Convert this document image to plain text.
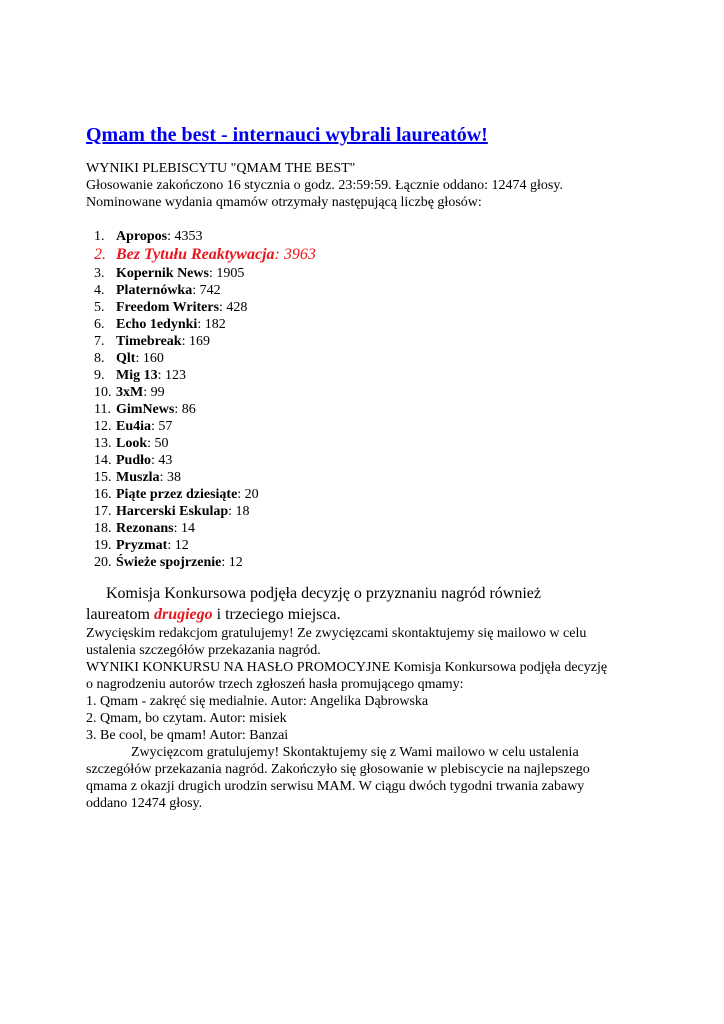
Qmam the best - internauci wybrali laureatów!
WYNIKI PLEBISCYTU "QMAM THE BEST"
Głosowanie zakończono 16 stycznia o godz. 23:59:59. Łącznie oddano: 12474 głosy.
Nominowane wydania qmamów otrzymały następującą liczbę głosów:
1. Apropos: 4353
2. Bez Tytułu Reaktywacja: 3963
3. Kopernik News: 1905
4. Platernówka: 742
5. Freedom Writers: 428
6. Echo 1edynki: 182
7. Timebreak: 169
8. Qlt: 160
9. Mig 13: 123
10. 3xM: 99
11. GimNews: 86
12. Eu4ia: 57
13. Look: 50
14. Pudło: 43
15. Muszla: 38
16. Piąte przez dziesiąte: 20
17. Harcerski Eskulap: 18
18. Rezonans: 14
19. Pryzmat: 12
20. Świeże spojrzenie: 12
Komisja Konkursowa podjęła decyzję o przyznaniu nagród również
laureatom drugiego i trzeciego miejsca.
Zwycięskim redakcjom gratulujemy! Ze zwycięzcami skontaktujemy się mailowo w celu
ustalenia szczegółów przekazania nagród.
WYNIKI KONKURSU NA HASŁO PROMOCYJNE Komisja Konkursowa podjęła decyzję
o nagrodzeniu autorów trzech zgłoszeń hasła promującego qmamy:
1. Qmam - zakręć się medialnie. Autor: Angelika Dąbrowska
2. Qmam, bo czytam. Autor: misiek
3. Be cool, be qmam! Autor: Banzai
Zwycięzcom gratulujemy! Skontaktujemy się z Wami mailowo w celu ustalenia
szczegółów przekazania nagród. Zakończyło się głosowanie w plebiscycie na najlepszego
qmama z okazji drugich urodzin serwisu MAM. W ciągu dwóch tygodni trwania zabawy
oddano 12474 głosy.
